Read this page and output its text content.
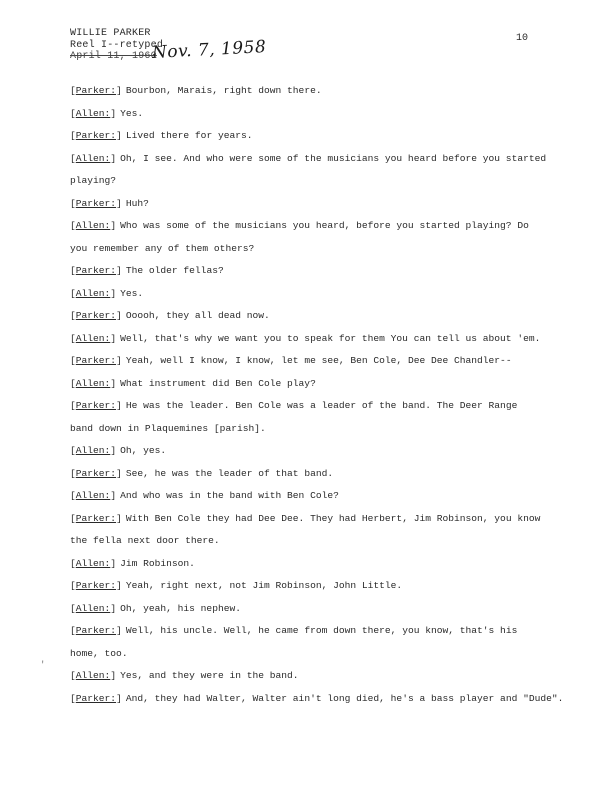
WILLIE PARKER
Reel I--retyped
April 11, 1960
Nov. 7, 1958	10
[Parker:] Bourbon, Marais, right down there.
[Allen:] Yes.
[Parker:] Lived there for years.
[Allen:] Oh, I see. And who were some of the musicians you heard before you started
playing?
[Parker:] Huh?
[Allen:] Who was some of the musicians you heard, before you started playing? Do
you remember any of them others?
[Parker:] The older fellas?
[Allen:] Yes.
[Parker:] Ooooh, they all dead now.
[Allen:] Well, that's why we want you to speak for them You can tell us about 'em.
[Parker:] Yeah, well I know, I know, let me see, Ben Cole, Dee Dee Chandler--
[Allen:] What instrument did Ben Cole play?
[Parker:] He was the leader. Ben Cole was a leader of the band. The Deer Range
band down in Plaquemines [parish].
[Allen:] Oh, yes.
[Parker:] See, he was the leader of that band.
[Allen:] And who was in the band with Ben Cole?
[Parker:] With Ben Cole they had Dee Dee. They had Herbert, Jim Robinson, you know
the fella next door there.
[Allen:] Jim Robinson.
[Parker:] Yeah, right next, not Jim Robinson, John Little.
[Allen:] Oh, yeah, his nephew.
[Parker:] Well, his uncle. Well, he came from down there, you know, that's his
home, too.
[Allen:] Yes, and they were in the band.
[Parker:] And, they had Walter, Walter ain't long died, he's a bass player and "Dude".
'
